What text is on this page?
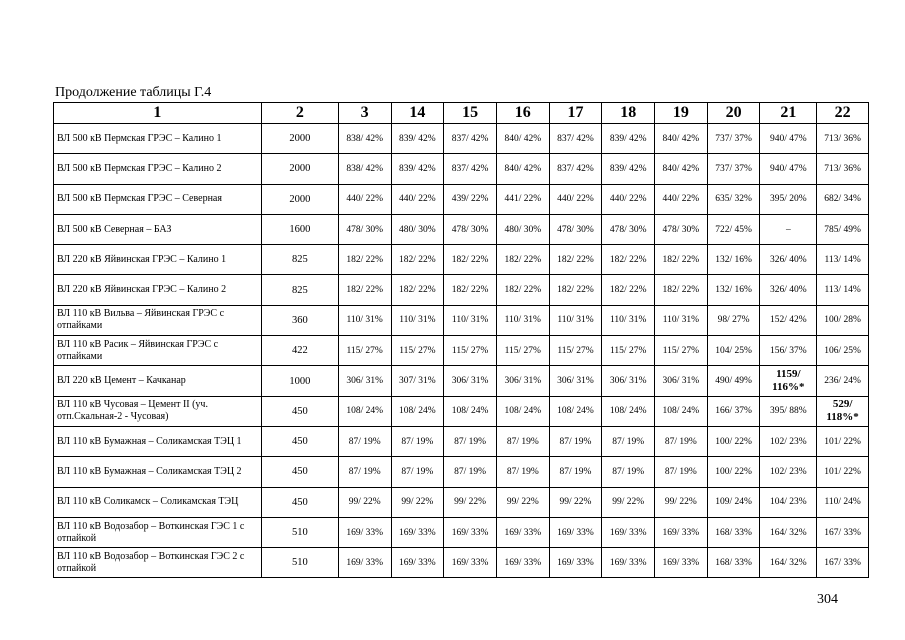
Продолжение таблицы Г.4
1	2	3	14	15	16	17	18	19	20	21	22
ВЛ 500 кВ Пермская ГРЭС – Калино 1	2000	838/ 42%	839/ 42%	837/ 42%	840/ 42%	837/ 42%	839/ 42%	840/ 42%	737/ 37%	940/ 47%	713/ 36%
ВЛ 500 кВ Пермская ГРЭС – Калино 2	2000	838/ 42%	839/ 42%	837/ 42%	840/ 42%	837/ 42%	839/ 42%	840/ 42%	737/ 37%	940/ 47%	713/ 36%
ВЛ 500 кВ Пермская ГРЭС – Северная	2000	440/ 22%	440/ 22%	439/ 22%	441/ 22%	440/ 22%	440/ 22%	440/ 22%	635/ 32%	395/ 20%	682/ 34%
ВЛ 500 кВ Северная – БАЗ	1600	478/ 30%	480/ 30%	478/ 30%	480/ 30%	478/ 30%	478/ 30%	478/ 30%	722/ 45%	–	785/ 49%
ВЛ 220 кВ Яйвинская ГРЭС – Калино 1	825	182/ 22%	182/ 22%	182/ 22%	182/ 22%	182/ 22%	182/ 22%	182/ 22%	132/ 16%	326/ 40%	113/ 14%
ВЛ 220 кВ Яйвинская ГРЭС – Калино 2	825	182/ 22%	182/ 22%	182/ 22%	182/ 22%	182/ 22%	182/ 22%	182/ 22%	132/ 16%	326/ 40%	113/ 14%
ВЛ 110 кВ Вильва – Яйвинская ГРЭС с отпайками	360	110/ 31%	110/ 31%	110/ 31%	110/ 31%	110/ 31%	110/ 31%	110/ 31%	98/ 27%	152/ 42%	100/ 28%
ВЛ 110 кВ Расик – Яйвинская ГРЭС с отпайками	422	115/ 27%	115/ 27%	115/ 27%	115/ 27%	115/ 27%	115/ 27%	115/ 27%	104/ 25%	156/ 37%	106/ 25%
ВЛ 220 кВ Цемент – Качканар	1000	306/ 31%	307/ 31%	306/ 31%	306/ 31%	306/ 31%	306/ 31%	306/ 31%	490/ 49%	1159/ 116%*	236/ 24%
ВЛ 110 кВ Чусовая – Цемент II (уч. отп.Скальная-2 - Чусовая)	450	108/ 24%	108/ 24%	108/ 24%	108/ 24%	108/ 24%	108/ 24%	108/ 24%	166/ 37%	395/ 88%	529/ 118%*
ВЛ 110 кВ Бумажная – Соликамская ТЭЦ 1	450	87/ 19%	87/ 19%	87/ 19%	87/ 19%	87/ 19%	87/ 19%	87/ 19%	100/ 22%	102/ 23%	101/ 22%
ВЛ 110 кВ Бумажная – Соликамская ТЭЦ 2	450	87/ 19%	87/ 19%	87/ 19%	87/ 19%	87/ 19%	87/ 19%	87/ 19%	100/ 22%	102/ 23%	101/ 22%
ВЛ 110 кВ Соликамск – Соликамская ТЭЦ	450	99/ 22%	99/ 22%	99/ 22%	99/ 22%	99/ 22%	99/ 22%	99/ 22%	109/ 24%	104/ 23%	110/ 24%
ВЛ 110 кВ Водозабор – Воткинская ГЭС 1 с отпайкой	510	169/ 33%	169/ 33%	169/ 33%	169/ 33%	169/ 33%	169/ 33%	169/ 33%	168/ 33%	164/ 32%	167/ 33%
ВЛ 110 кВ Водозабор – Воткинская ГЭС 2 с отпайкой	510	169/ 33%	169/ 33%	169/ 33%	169/ 33%	169/ 33%	169/ 33%	169/ 33%	168/ 33%	164/ 32%	167/ 33%
304
